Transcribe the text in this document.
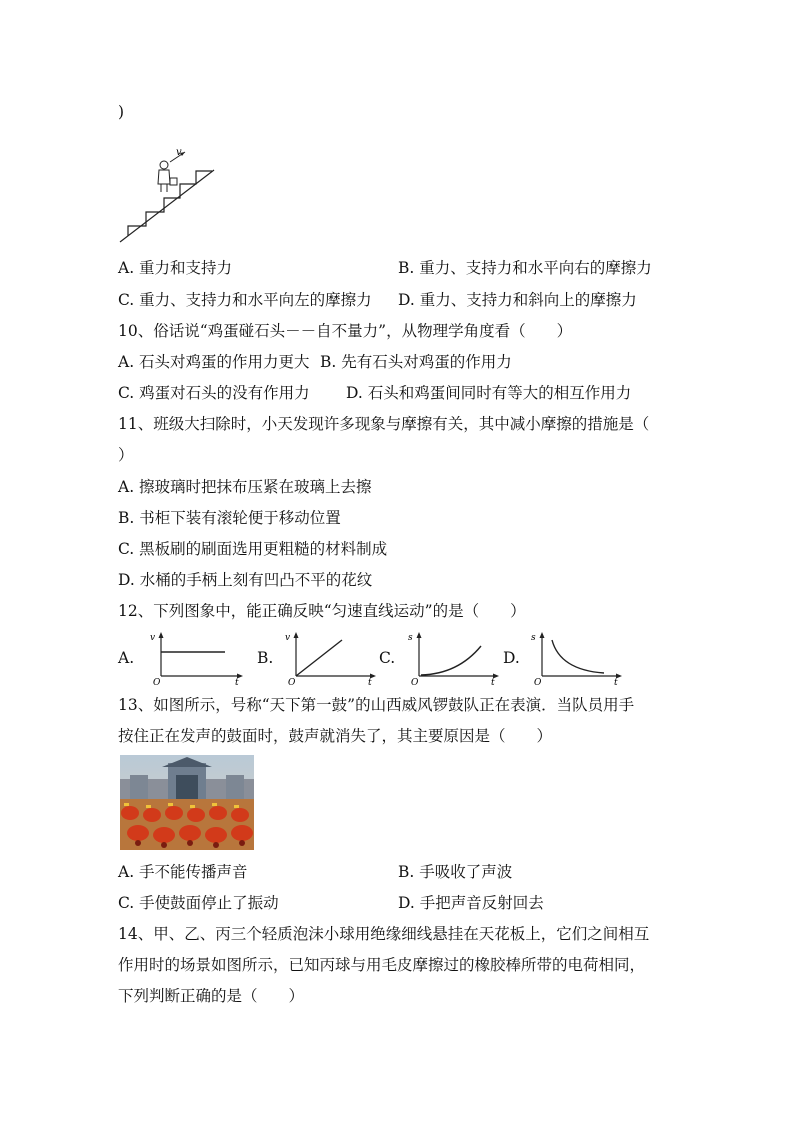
)
v
A. 重力和支持力	B. 重力、支持力和水平向右的摩擦力
C. 重力、支持力和水平向左的摩擦力 D. 重力、支持力和斜向上的摩擦力
10、俗话说“鸡蛋碰石头－－自不量力”，从物理学角度看（　　）
A. 石头对鸡蛋的作用力更大 B. 先有石头对鸡蛋的作用力
C. 鸡蛋对石头的没有作用力 D. 石头和鸡蛋间同时有等大的相互作用力
11、班级大扫除时，小天发现许多现象与摩擦有关，其中减小摩擦的措施是（
）
A. 擦玻璃时把抹布压紧在玻璃上去擦
B. 书柜下装有滚轮便于移动位置
C. 黑板刷的刷面选用更粗糙的材料制成
D. 水桶的手柄上刻有凹凸不平的花纹
12、下列图象中，能正确反映“匀速直线运动”的是（　　）
A.
v
t
O
B.
v
t
O
C.
s
t
O
D.
s
t
O
13、如图所示，号称“天下第一鼓”的山西威风锣鼓队正在表演．当队员用手
按住正在发声的鼓面时，鼓声就消失了，其主要原因是（　　）
A. 手不能传播声音	B. 手吸收了声波
C. 手使鼓面停止了振动	D. 手把声音反射回去
14、甲、乙、丙三个轻质泡沫小球用绝缘细线悬挂在天花板上，它们之间相互
作用时的场景如图所示，已知丙球与用毛皮摩擦过的橡胶棒所带的电荷相同，
下列判断正确的是（　　）
